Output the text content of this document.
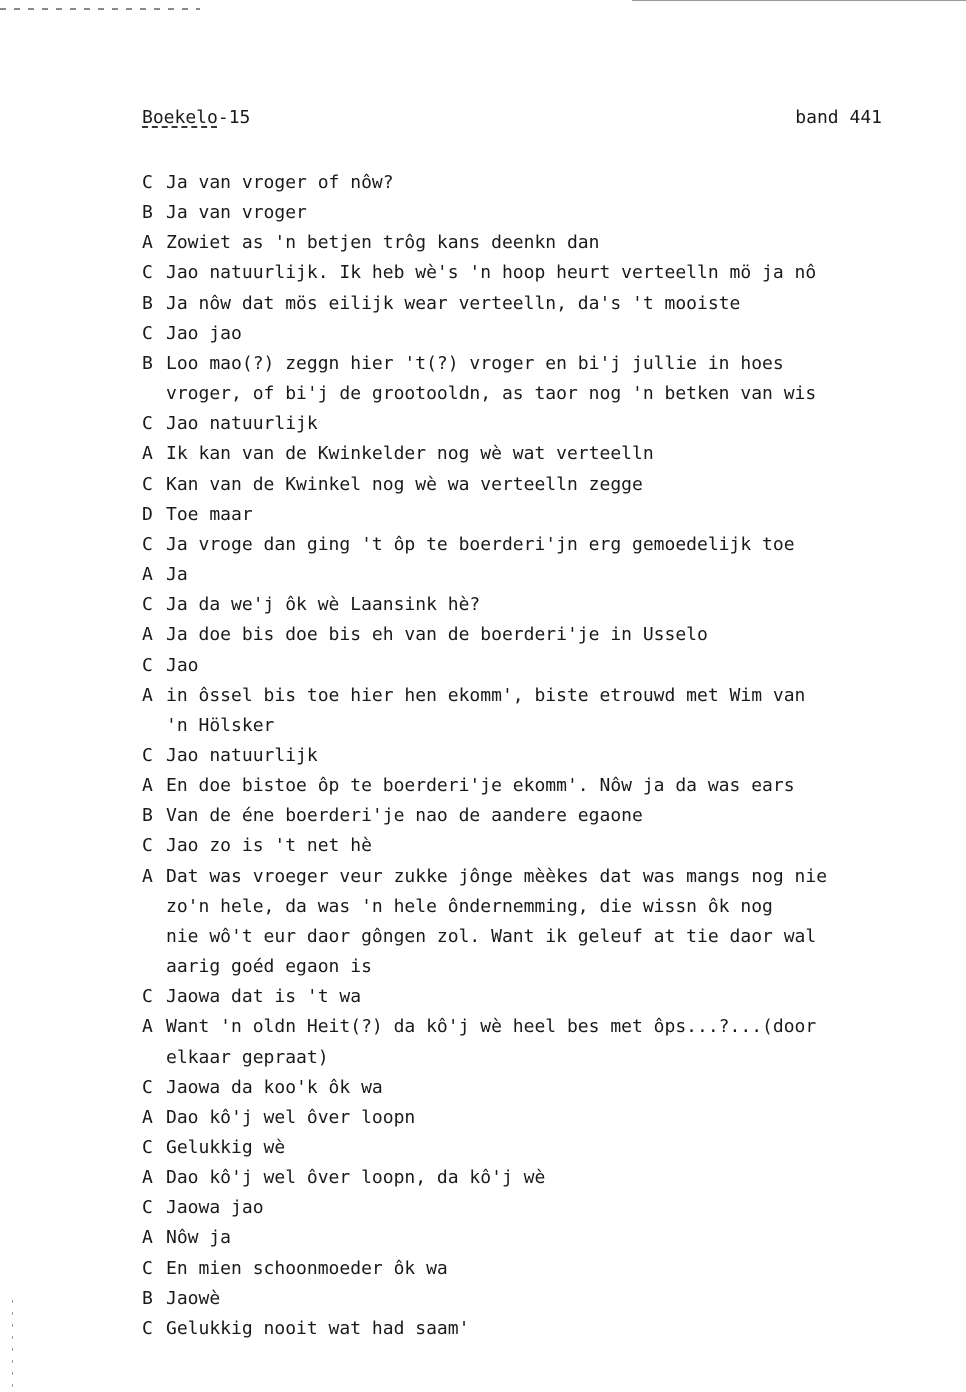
Boekelo-15	band 441
C Ja van vroger of nôw?
B Ja van vroger
A Zowiet as 'n betjen trôg kans deenkn dan
C Jao natuurlijk. Ik heb wè's 'n hoop heurt verteelln mö ja nô
B Ja nôw dat mös eilijk wear verteelln, da's 't mooiste
C Jao jao
B Loo mao(?) zeggn hier 't(?) vroger en bi'j jullie in hoes
vroger, of bi'j de grootooldn, as taor nog 'n betken van wis
C Jao natuurlijk
A Ik kan van de Kwinkelder nog wè wat verteelln
C Kan van de Kwinkel nog wè wa verteelln zegge
D Toe maar
C Ja vroge dan ging 't ôp te boerderi'jn erg gemoedelijk toe
A Ja
C Ja da we'j ôk wè Laansink hè?
A Ja doe bis doe bis eh van de boerderi'je in Usselo
C Jao
A in ôssel bis toe hier hen ekomm', biste etrouwd met Wim van
'n Hölsker
C Jao natuurlijk
A En doe bistoe ôp te boerderi'je ekomm'. Nôw ja da was ears
B Van de éne boerderi'je nao de aandere egaone
C Jao zo is 't net hè
A Dat was vroeger veur zukke jônge mèèkes dat was mangs nog nie
zo'n hele, da was 'n hele ôndernemming, die wissn ôk nog
nie wô't eur daor gôngen zol. Want ik geleuf at tie daor wal
aarig goéd egaon is
C Jaowa dat is 't wa
A Want 'n oldn Heit(?) da kô'j wè heel bes met ôps...?...(door
elkaar gepraat)
C Jaowa da koo'k ôk wa
A Dao kô'j wel ôver loopn
C Gelukkig wè
A Dao kô'j wel ôver loopn, da kô'j wè
C Jaowa jao
A Nôw ja
C En mien schoonmoeder ôk wa
B Jaowè
C Gelukkig nooit wat had saam'
